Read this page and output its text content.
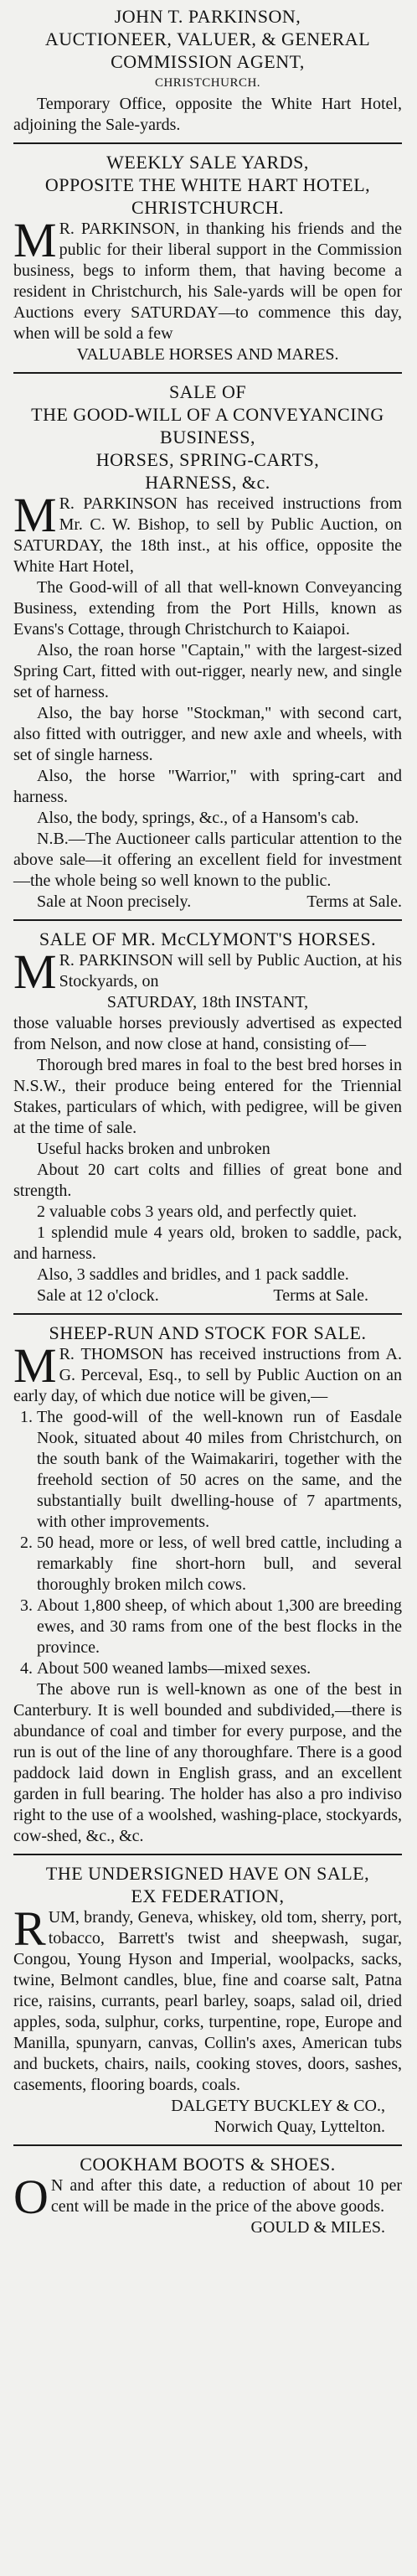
JOHN T. PARKINSON,

AUCTIONEER, VALUER, & GENERAL

COMMISSION AGENT,

CHRISTCHURCH.

Temporary Office, opposite the White Hart Hotel, adjoining the Sale-yards.

WEEKLY SALE YARDS,

OPPOSITE THE WHITE HART HOTEL,

CHRISTCHURCH.

MR. PARKINSON, in thanking his friends and the public for their liberal support in the Commission business, begs to inform them, that having become a resident in Christchurch, his Sale-yards will be open for Auctions every SATURDAY—to commence this day, when will be sold a few

VALUABLE HORSES AND MARES.

SALE OF

THE GOOD-WILL OF A CONVEYANCING

BUSINESS,

HORSES, SPRING-CARTS,

HARNESS, &c.

MR. PARKINSON has received instructions from Mr. C. W. Bishop, to sell by Public Auction, on SATURDAY, the 18th inst., at his office, opposite the White Hart Hotel,

The Good-will of all that well-known Conveyancing Business, extending from the Port Hills, known as Evans's Cottage, through Christchurch to Kaiapoi.

Also, the roan horse "Captain," with the largest-sized Spring Cart, fitted with out-rigger, nearly new, and single set of harness.

Also, the bay horse "Stockman," with second cart, also fitted with outrigger, and new axle and wheels, with set of single harness.

Also, the horse "Warrior," with spring-cart and harness.

Also, the body, springs, &c., of a Hansom's cab.

N.B.—The Auctioneer calls particular attention to the above sale—it offering an excellent field for investment—the whole being so well known to the public.

Sale at Noon precisely.	Terms at Sale.

SALE OF MR. McCLYMONT'S HORSES.

MR. PARKINSON will sell by Public Auction, at his Stockyards, on

SATURDAY, 18th INSTANT,

those valuable horses previously advertised as expected from Nelson, and now close at hand, consisting of—

Thorough bred mares in foal to the best bred horses in N.S.W., their produce being entered for the Triennial Stakes, particulars of which, with pedigree, will be given at the time of sale.

Useful hacks broken and unbroken

About 20 cart colts and fillies of great bone and strength.

2 valuable cobs 3 years old, and perfectly quiet.

1 splendid mule 4 years old, broken to saddle, pack, and harness.

Also, 3 saddles and bridles, and 1 pack saddle.

Sale at 12 o'clock.	Terms at Sale.

SHEEP-RUN AND STOCK FOR SALE.

MR. THOMSON has received instructions from A. G. Perceval, Esq., to sell by Public Auction on an early day, of which due notice will be given,—

1. The good-will of the well-known run of Easdale Nook, situated about 40 miles from Christchurch, on the south bank of the Waimakariri, together with the freehold section of 50 acres on the same, and the substantially built dwelling-house of 7 apartments, with other improvements.
2. 50 head, more or less, of well bred cattle, including a remarkably fine short-horn bull, and several thoroughly broken milch cows.
3. About 1,800 sheep, of which about 1,300 are breeding ewes, and 30 rams from one of the best flocks in the province.
4. About 500 weaned lambs—mixed sexes.

The above run is well-known as one of the best in Canterbury. It is well bounded and subdivided,—there is abundance of coal and timber for every purpose, and the run is out of the line of any thoroughfare. There is a good paddock laid down in English grass, and an excellent garden in full bearing. The holder has also a pro indiviso right to the use of a woolshed, washing-place, stockyards, cow-shed, &c., &c.

THE UNDERSIGNED HAVE ON SALE,

EX FEDERATION,

RUM, brandy, Geneva, whiskey, old tom, sherry, port, tobacco, Barrett's twist and sheepwash, sugar, Congou, Young Hyson and Imperial, woolpacks, sacks, twine, Belmont candles, blue, fine and coarse salt, Patna rice, raisins, currants, pearl barley, soaps, salad oil, dried apples, soda, sulphur, corks, turpentine, rope, Europe and Manilla, spunyarn, canvas, Collin's axes, American tubs and buckets, chairs, nails, cooking stoves, doors, sashes, casements, flooring boards, coals.

DALGETY BUCKLEY & CO.,

Norwich Quay, Lyttelton.

COOKHAM BOOTS & SHOES.

ON and after this date, a reduction of about 10 per cent will be made in the price of the above goods.

GOULD & MILES.
